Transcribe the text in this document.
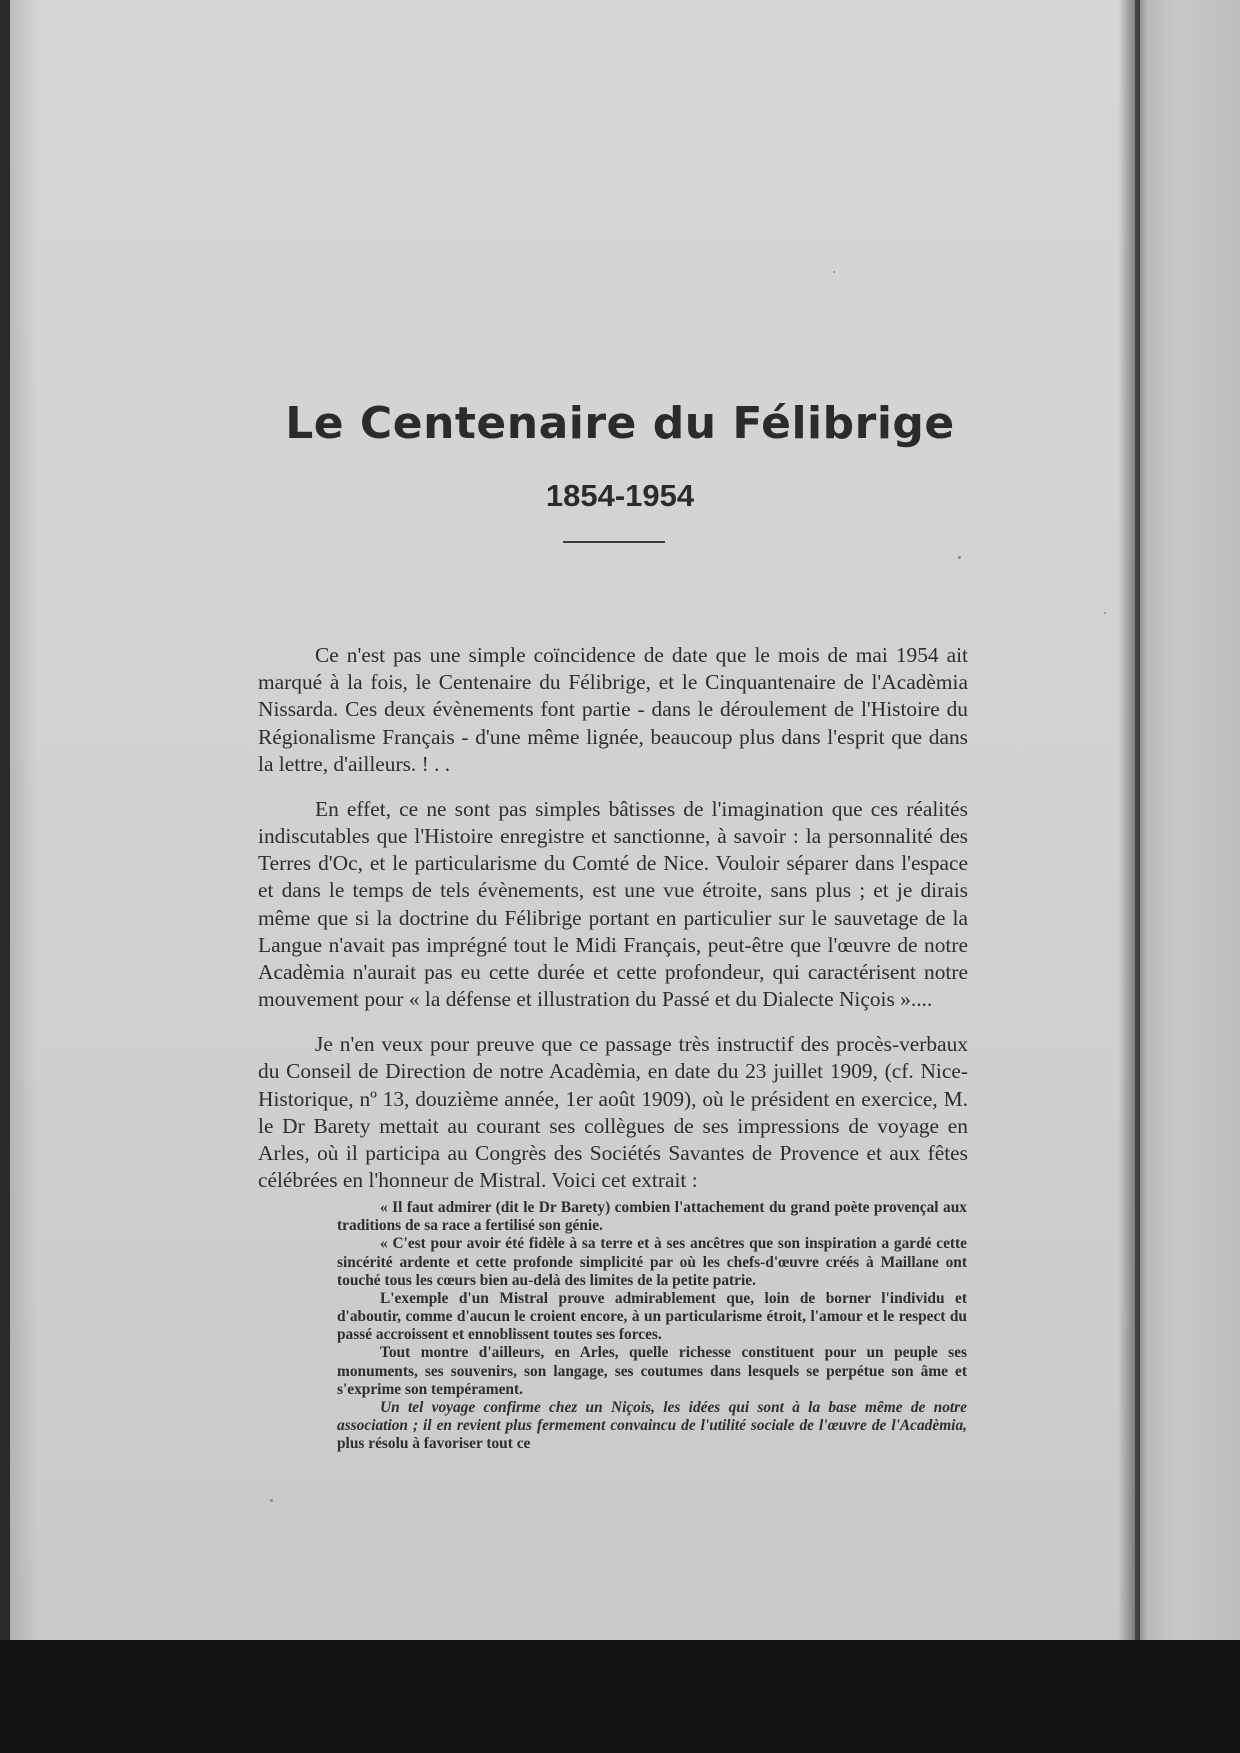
Le Centenaire du Félibrige
1854-1954

Ce n'est pas une simple coïncidence de date que le mois de mai 1954 ait marqué à la fois, le Centenaire du Félibrige, et le Cinquantenaire de l'Acadèmia Nissarda. Ces deux évènements font partie - dans le déroulement de l'Histoire du Régionalisme Français - d'une même lignée, beaucoup plus dans l'esprit que dans la lettre, d'ailleurs. ! . .

En effet, ce ne sont pas simples bâtisses de l'imagination que ces réalités indiscutables que l'Histoire enregistre et sanctionne, à savoir : la personnalité des Terres d'Oc, et le particularisme du Comté de Nice. Vouloir séparer dans l'espace et dans le temps de tels évènements, est une vue étroite, sans plus ; et je dirais même que si la doctrine du Félibrige portant en particulier sur le sauvetage de la Langue n'avait pas imprégné tout le Midi Français, peut-être que l'œuvre de notre Acadèmia n'aurait pas eu cette durée et cette profondeur, qui caractérisent notre mouvement pour « la défense et illustration du Passé et du Dialecte Niçois »....

Je n'en veux pour preuve que ce passage très instructif des procès-verbaux du Conseil de Direction de notre Acadèmia, en date du 23 juillet 1909, (cf. Nice-Historique, nº 13, douzième année, 1er août 1909), où le président en exercice, M. le Dr Barety mettait au courant ses collègues de ses impressions de voyage en Arles, où il participa au Congrès des Sociétés Savantes de Provence et aux fêtes célébrées en l'honneur de Mistral. Voici cet extrait :

« Il faut admirer (dit le Dr Barety) combien l'attachement du grand poète provençal aux traditions de sa race a fertilisé son génie.

« C'est pour avoir été fidèle à sa terre et à ses ancêtres que son inspiration a gardé cette sincérité ardente et cette profonde simplicité par où les chefs-d'œuvre créés à Maillane ont touché tous les cœurs bien au-delà des limites de la petite patrie.

L'exemple d'un Mistral prouve admirablement que, loin de borner l'individu et d'aboutir, comme d'aucun le croient encore, à un particularisme étroit, l'amour et le respect du passé accroissent et ennoblissent toutes ses forces.

Tout montre d'ailleurs, en Arles, quelle richesse constituent pour un peuple ses monuments, ses souvenirs, son langage, ses coutumes dans lesquels se perpétue son âme et s'exprime son tempérament.

Un tel voyage confirme chez un Niçois, les idées qui sont à la base même de notre association ; il en revient plus fermement convaincu de l'utilité sociale de l'œuvre de l'Acadèmia, plus résolu à favoriser tout ce
